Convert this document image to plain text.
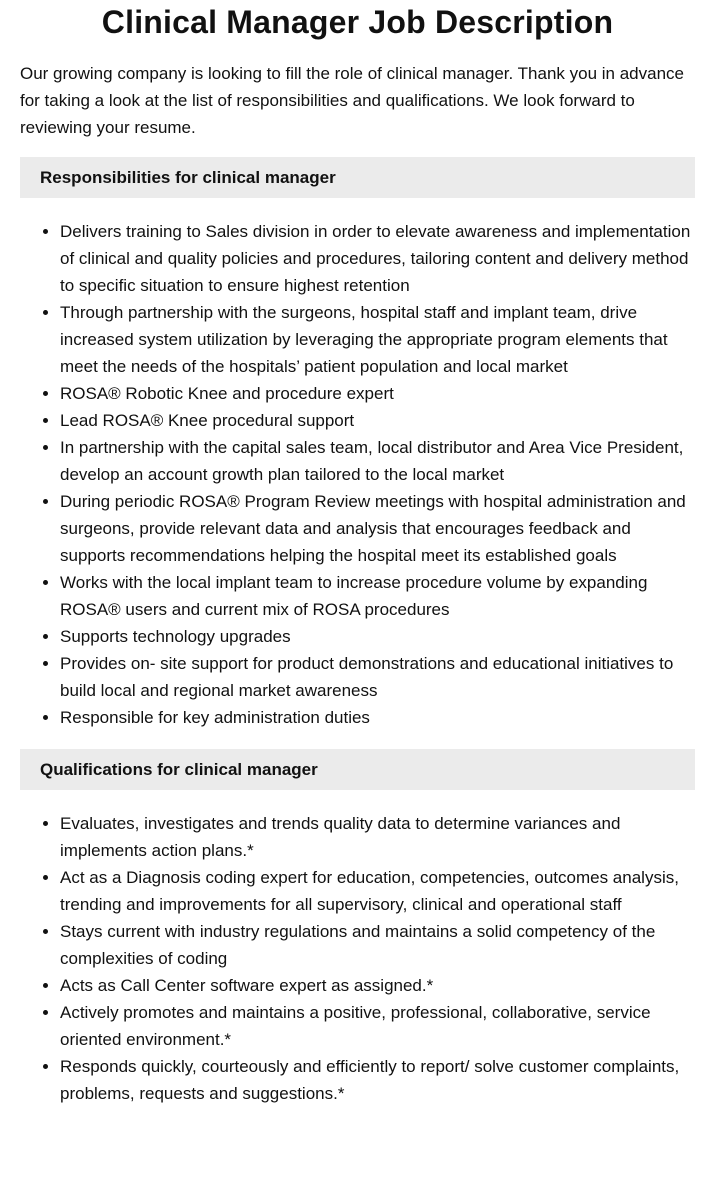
Clinical Manager Job Description

Our growing company is looking to fill the role of clinical manager. Thank you in advance for taking a look at the list of responsibilities and qualifications. We look forward to reviewing your resume.

Responsibilities for clinical manager
• Delivers training to Sales division in order to elevate awareness and implementation of clinical and quality policies and procedures, tailoring content and delivery method to specific situation to ensure highest retention
• Through partnership with the surgeons, hospital staff and implant team, drive increased system utilization by leveraging the appropriate program elements that meet the needs of the hospitals’ patient population and local market
• ROSA® Robotic Knee and procedure expert
• Lead ROSA® Knee procedural support
• In partnership with the capital sales team, local distributor and Area Vice President, develop an account growth plan tailored to the local market
• During periodic ROSA® Program Review meetings with hospital administration and surgeons, provide relevant data and analysis that encourages feedback and supports recommendations helping the hospital meet its established goals
• Works with the local implant team to increase procedure volume by expanding ROSA® users and current mix of ROSA procedures
• Supports technology upgrades
• Provides on- site support for product demonstrations and educational initiatives to build local and regional market awareness
• Responsible for key administration duties
Qualifications for clinical manager
• Evaluates, investigates and trends quality data to determine variances and implements action plans.*
• Act as a Diagnosis coding expert for education, competencies, outcomes analysis, trending and improvements for all supervisory, clinical and operational staff
• Stays current with industry regulations and maintains a solid competency of the complexities of coding
• Acts as Call Center software expert as assigned.*
• Actively promotes and maintains a positive, professional, collaborative, service oriented environment.*
• Responds quickly, courteously and efficiently to report/ solve customer complaints, problems, requests and suggestions.*
